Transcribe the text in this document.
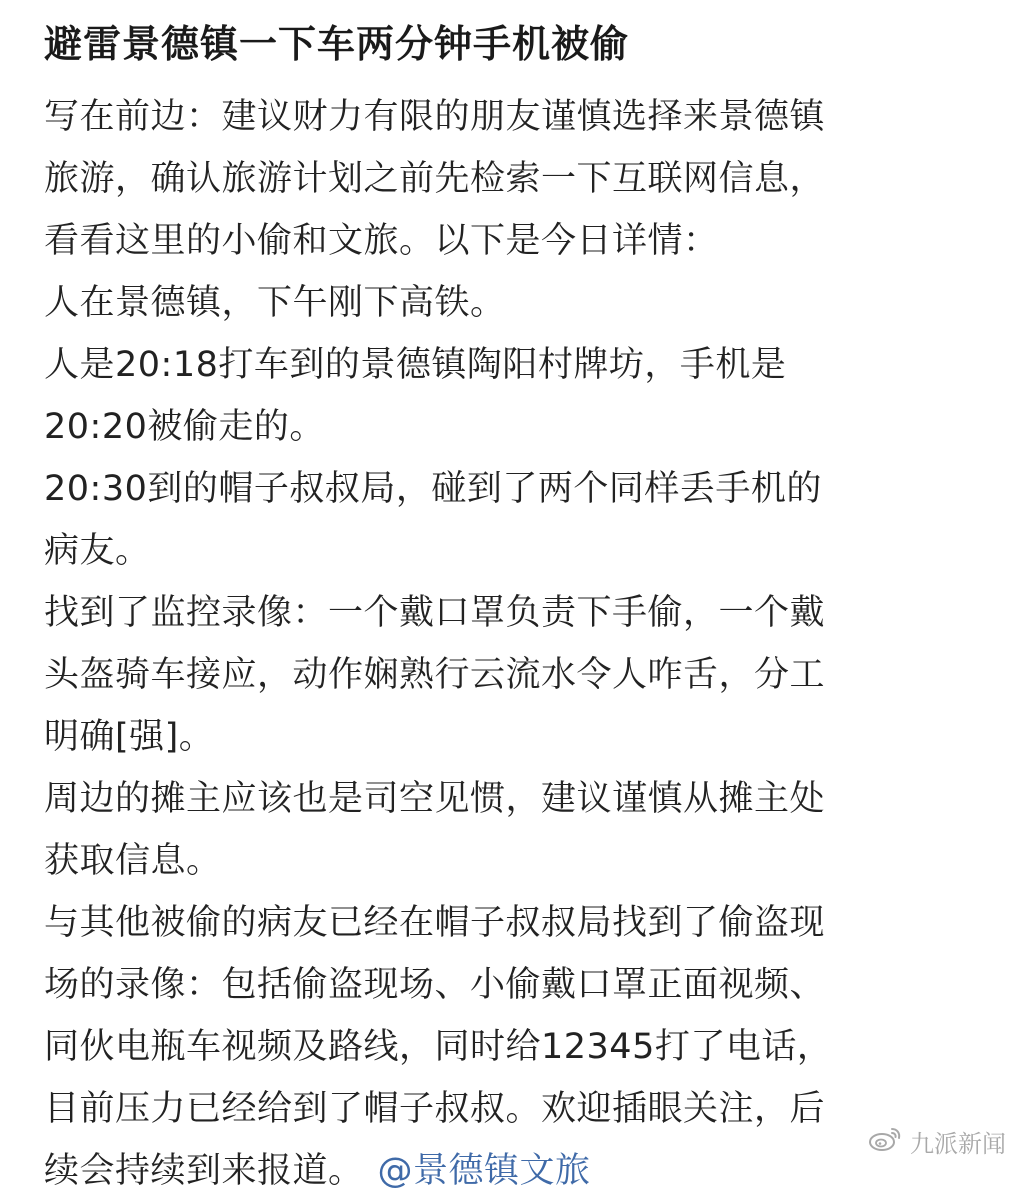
避雷景德镇一下车两分钟手机被偷
写在前边：建议财力有限的朋友谨慎选择来景德镇
旅游，确认旅游计划之前先检索一下互联网信息，
看看这里的小偷和文旅。以下是今日详情：
人在景德镇，下午刚下高铁。
人是20:18打车到的景德镇陶阳村牌坊，手机是
20:20被偷走的。
20:30到的帽子叔叔局，碰到了两个同样丢手机的
病友。
找到了监控录像：一个戴口罩负责下手偷，一个戴
头盔骑车接应，动作娴熟行云流水令人咋舌，分工
明确[强]。
周边的摊主应该也是司空见惯，建议谨慎从摊主处
获取信息。
与其他被偷的病友已经在帽子叔叔局找到了偷盗现
场的录像：包括偷盗现场、小偷戴口罩正面视频、
同伙电瓶车视频及路线，同时给12345打了电话，
目前压力已经给到了帽子叔叔。欢迎插眼关注，后
续会持续到来报道。 @景德镇文旅
九派新闻
